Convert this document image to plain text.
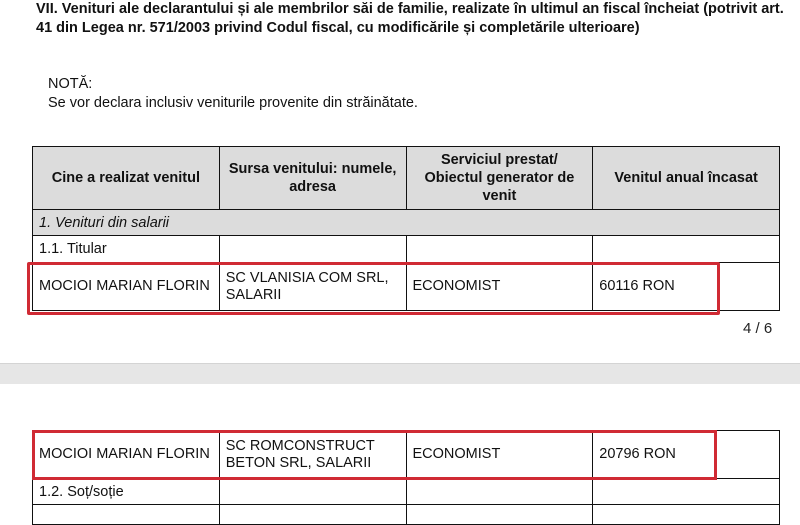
VII. Venituri ale declarantului și ale membrilor săi de familie, realizate în ultimul an fiscal încheiat (potrivit art. 41 din Legea nr. 571/2003 privind Codul fiscal, cu modificările și completările ulterioare)
NOTĂ:
Se vor declara inclusiv veniturile provenite din străinătate.
Cine a realizat venitul	Sursa venitului: numele, adresa	Serviciul prestat/ Obiectul generator de venit	Venitul anual încasat
1. Venituri din salarii			
1.1. Titular			

MOCIOI MARIAN FLORIN	SC VLANISIA COM SRL, SALARII	ECONOMIST	60116 RON
4 / 6
MOCIOI MARIAN FLORIN	SC ROMCONSTRUCT BETON SRL, SALARII	ECONOMIST	20796 RON

1.2. Soț/soție			
